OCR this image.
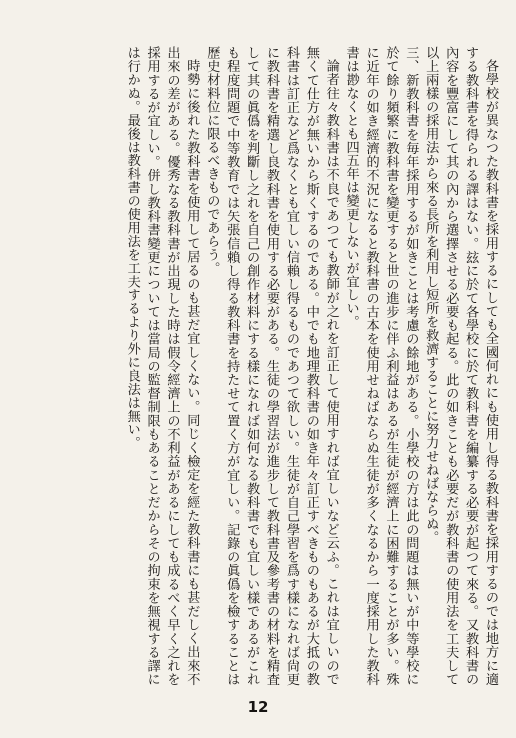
各學校が異なつた教科書を採用するにしても全國何れにも使用し得る教科書を採用するのでは地方に適する教科書を得られる譯はない。玆に於て各學校に於て教科書を編纂する必要が起つて來る。又教科書の內容を豐富にして其の內から選擇させる必要も起る。此の如きことも必要だが教科書の使用法を工夫して以上兩樣の採用法から來る長所を利用し短所を救濟することに努力せねばならぬ。

三、新教科書を毎年採用するが如きことは考慮の餘地がある。小學校の方は此の問題は無いが中等學校に於て餘り頻繁に教科書を變更すると世の進步に伴ふ利益はあるが生徒が經濟上に困難することが多い。殊に近年の如き經濟的不況になると教科書の古本を使用せねばならぬ生徒が多くなるから一度採用した教科書は尠なくとも四五年は變更しないが宜しい。

論者往々教科書は不良であつても教師が之れを訂正して使用すれば宜しいなど云ふ。これは宜しいので無くて仕方が無いから斯くするのである。中でも地理教科書の如き年々訂正すべきものもあるが大抵の教科書は訂正など爲なくとも宜しい信賴し得るものであつて欲しい。生徒が自己學習を爲す樣になれば尙更に教科書を精選し良教科書を使用する必要がある。生徒の學習法が進步して教科書及參考書の材料を精査して其の眞僞を判斷し之れを自己の創作材料にする樣になれば如何なる教科書でも宜しい樣であるがこれも程度問題で中等教育では矢張信賴し得る教科書を持たせて置く方が宜しい。記錄の眞僞を檢することは歷史材料位に限るべきものであらう。

時勢に後れた教科書を使用して居るのも甚だ宜しくない。同じく檢定を經た教科書にも甚だしく出來不出來の差がある。優秀なる教科書が出現した時は假令經濟上の不利益があるにしても成るべく早く之れを採用するが宜しい。併し教科書變更については當局の監督制限もあることだからその拘束を無視する譯には行かぬ。最後は教科書の使用法を工夫するより外に良法は無い。

12
